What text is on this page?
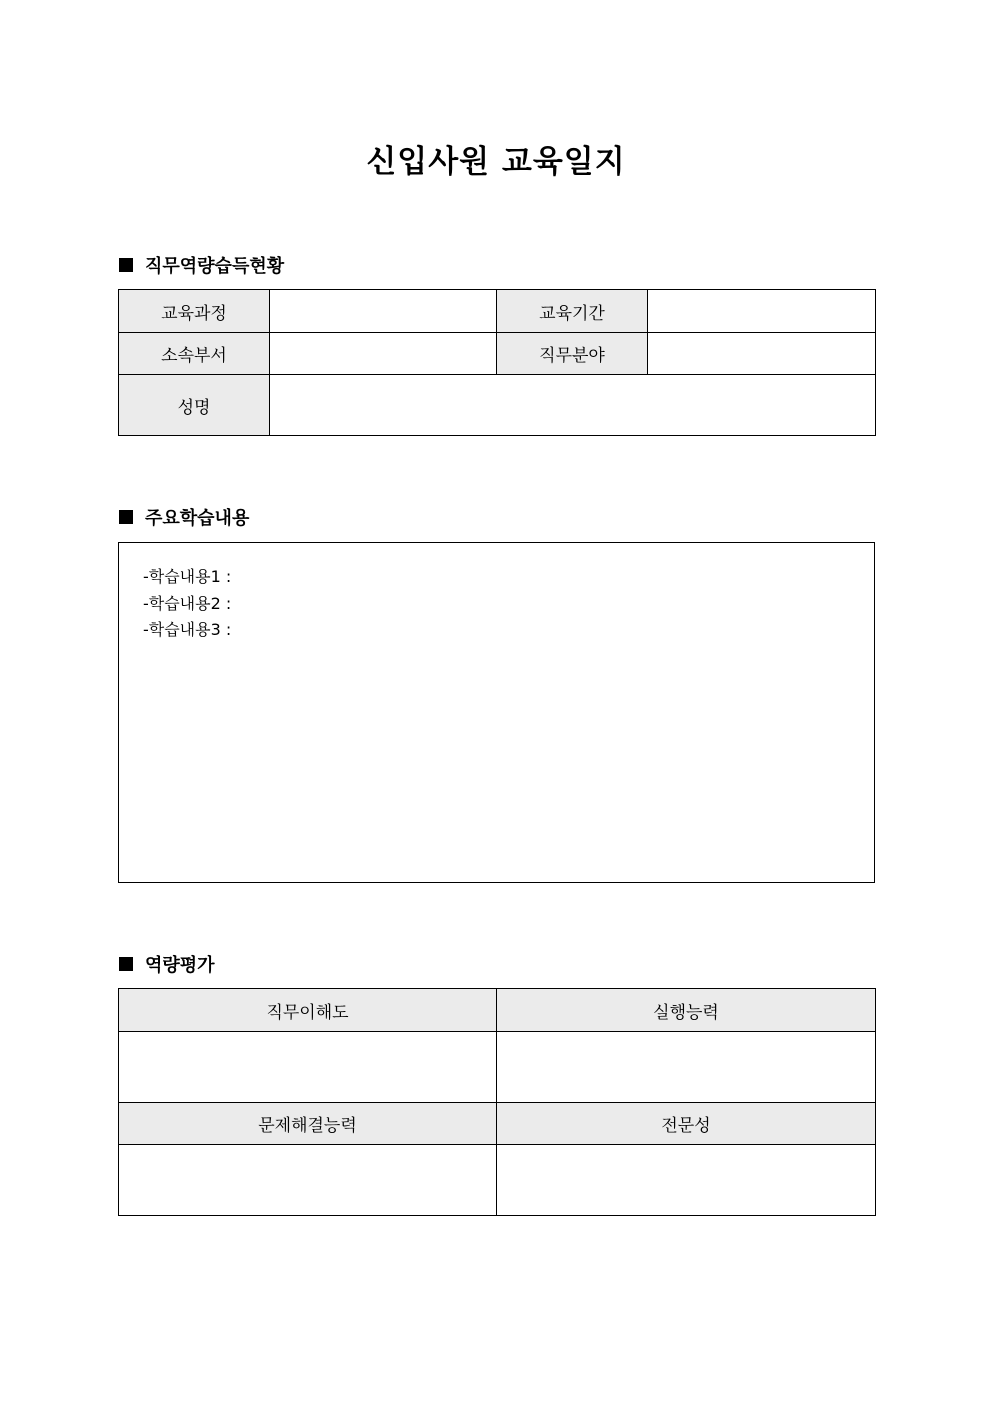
신입사원 교육일지
직무역량습득현황
교육과정		교육기간	
소속부서		직무분야	
성명			
주요학습내용
-학습내용1 :
-학습내용2 :
-학습내용3 :
역량평가
직무이해도	실행능력

문제해결능력	전문성
